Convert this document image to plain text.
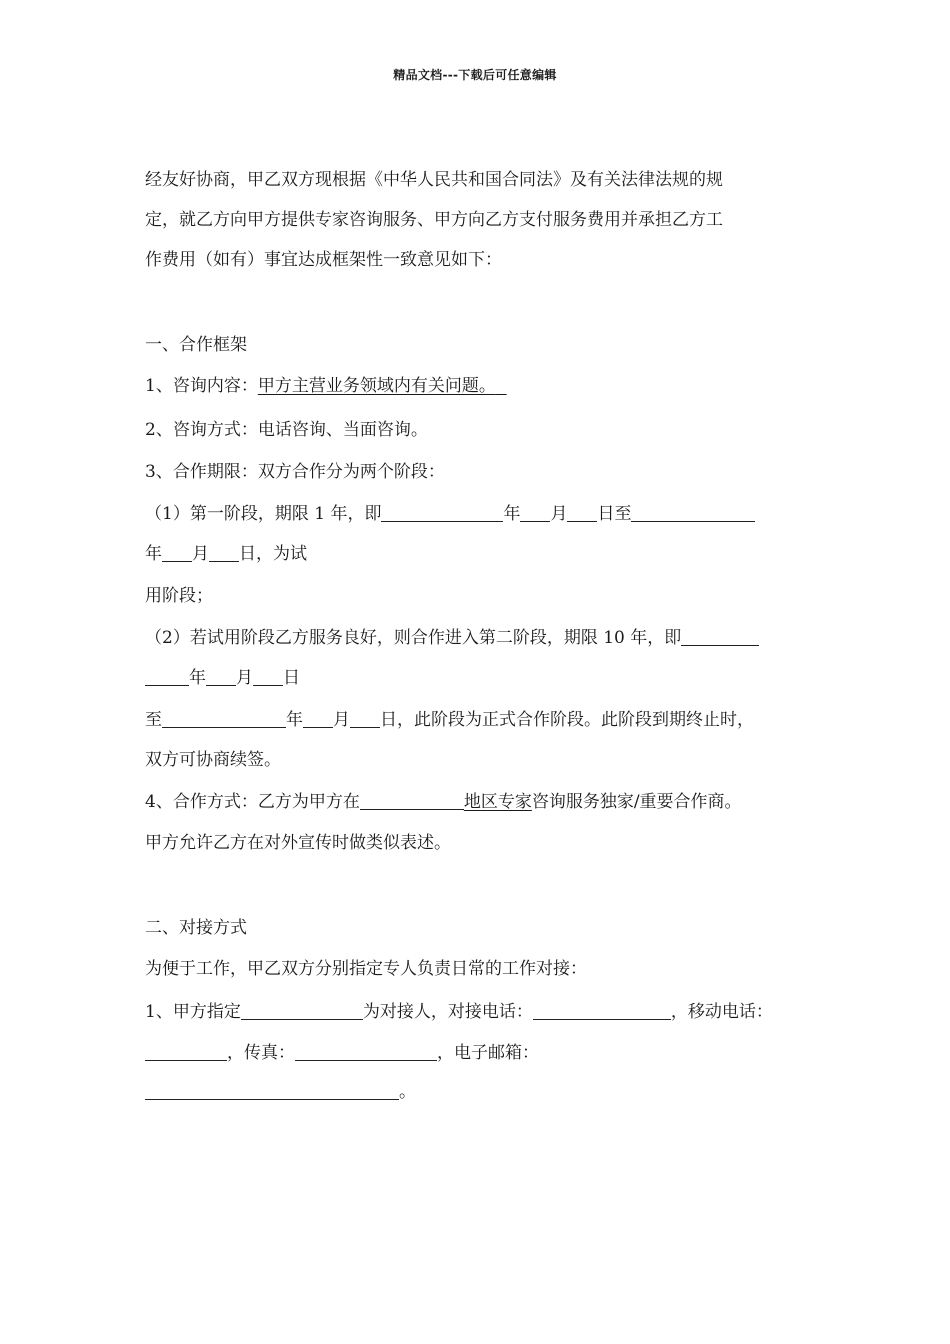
精品文档---下载后可任意编辑
经友好协商，甲乙双方现根据《中华人民共和国合同法》及有关法律法规的规
定，就乙方向甲方提供专家咨询服务、甲方向乙方支付服务费用并承担乙方工
作费用（如有）事宜达成框架性一致意见如下：
一、合作框架
1、咨询内容：甲方主营业务领域内有关问题。
2、咨询方式：电话咨询、当面咨询。
3、合作期限：双方合作分为两个阶段：
（1）第一阶段，期限 1 年，即	年 月 日至
年 月 日，为试
用阶段；
（2）若试用阶段乙方服务良好，则合作进入第二阶段，期限 10 年，即
年 月 日
至	年 月 日，此阶段为正式合作阶段。此阶段到期终止时，
双方可协商续签。
4、合作方式：乙方为甲方在	地区专家咨询服务独家/重要合作商。
甲方允许乙方在对外宣传时做类似表述。
二、对接方式
为便于工作，甲乙双方分别指定专人负责日常的工作对接：
1、甲方指定	为对接人，对接电话：	，移动电话：
，传真：	，电子邮箱：
。
